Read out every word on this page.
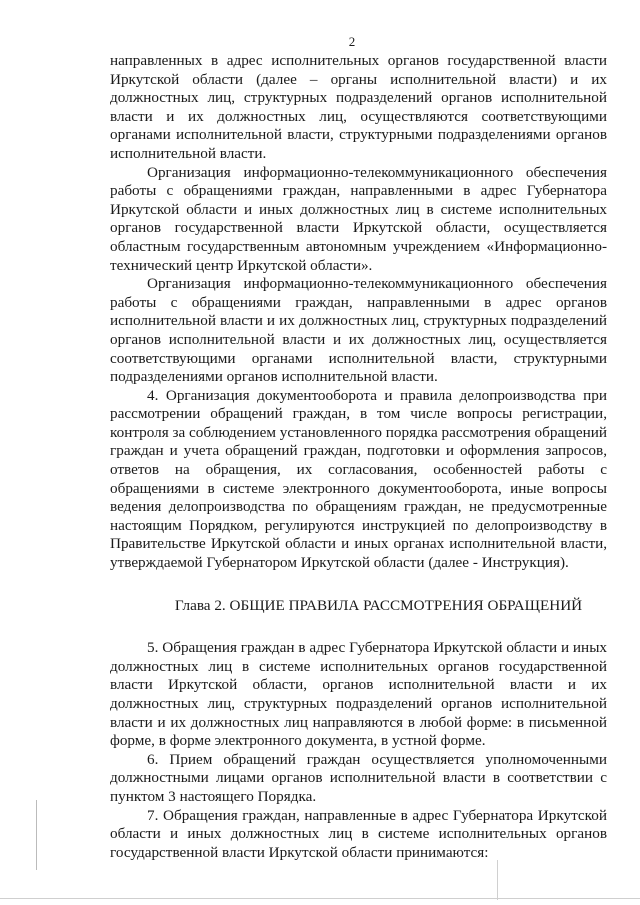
2

направленных в адрес исполнительных органов государственной власти Иркутской области (далее – органы исполнительной власти) и их должностных лиц, структурных подразделений органов исполнительной власти и их должностных лиц, осуществляются соответствующими органами исполнительной власти, структурными подразделениями органов исполнительной власти.

Организация информационно-телекоммуникационного обеспечения работы с обращениями граждан, направленными в адрес Губернатора Иркутской области и иных должностных лиц в системе исполнительных органов государственной власти Иркутской области, осуществляется областным государственным автономным учреждением «Информационно-технический центр Иркутской области».

Организация информационно-телекоммуникационного обеспечения работы с обращениями граждан, направленными в адрес органов исполнительной власти и их должностных лиц, структурных подразделений органов исполнительной власти и их должностных лиц, осуществляется соответствующими органами исполнительной власти, структурными подразделениями органов исполнительной власти.

4. Организация документооборота и правила делопроизводства при рассмотрении обращений граждан, в том числе вопросы регистрации, контроля за соблюдением установленного порядка рассмотрения обращений граждан и учета обращений граждан, подготовки и оформления запросов, ответов на обращения, их согласования, особенностей работы с обращениями в системе электронного документооборота, иные вопросы ведения делопроизводства по обращениям граждан, не предусмотренные настоящим Порядком, регулируются инструкцией по делопроизводству в Правительстве Иркутской области и иных органах исполнительной власти, утверждаемой Губернатором Иркутской области (далее - Инструкция).

Глава 2. ОБЩИЕ ПРАВИЛА РАССМОТРЕНИЯ ОБРАЩЕНИЙ

5. Обращения граждан в адрес Губернатора Иркутской области и иных должностных лиц в системе исполнительных органов государственной власти Иркутской области, органов исполнительной власти и их должностных лиц, структурных подразделений органов исполнительной власти и их должностных лиц направляются в любой форме: в письменной форме, в форме электронного документа, в устной форме.

6. Прием обращений граждан осуществляется уполномоченными должностными лицами органов исполнительной власти в соответствии с пунктом 3 настоящего Порядка.

7. Обращения граждан, направленные в адрес Губернатора Иркутской области и иных должностных лиц в системе исполнительных органов государственной власти Иркутской области принимаются:
